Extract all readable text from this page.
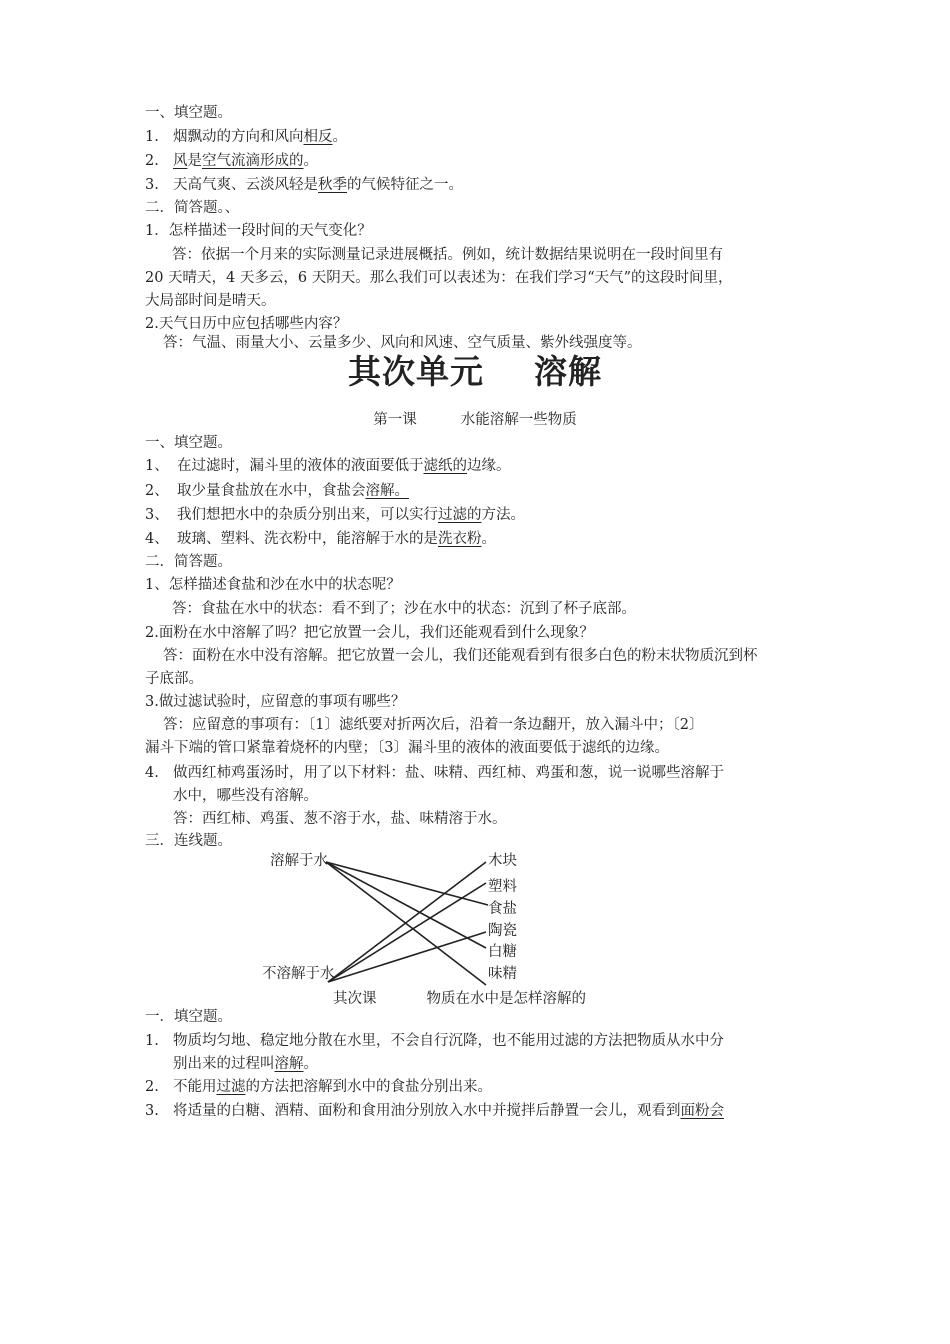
一、填空题。
1. 烟飘动的方向和风向相反。
2. 风是空气流滴形成的。
3. 天高气爽、云淡风轻是秋季的气候特征之一。
二．简答题。、
1．怎样描述一段时间的天气变化？
答：依据一个月来的实际测量记录进展概括。例如，统计数据结果说明在一段时间里有
20 天晴天，4 天多云，6 天阴天。那么我们可以表述为：在我们学习“天气”的这段时间里，
大局部时间是晴天。
2.天气日历中应包括哪些内容？
答：气温、雨量大小、云量多少、风向和风速、空气质量、紫外线强度等。
其次单元 溶解
第一课	水能溶解一些物质
一、填空题。
1、 在过滤时，漏斗里的液体的液面要低于滤纸的边缘。
2、 取少量食盐放在水中，食盐会溶解。
3、 我们想把水中的杂质分别出来，可以实行过滤的方法。
4、 玻璃、塑料、洗衣粉中，能溶解于水的是洗衣粉。
二．简答题。
1、怎样描述食盐和沙在水中的状态呢？
答：食盐在水中的状态：看不到了；沙在水中的状态：沉到了杯子底部。
2.面粉在水中溶解了吗？把它放置一会儿，我们还能观看到什么现象？
答：面粉在水中没有溶解。把它放置一会儿，我们还能观看到有很多白色的粉末状物质沉到杯
子底部。
3.做过滤试验时，应留意的事项有哪些？
答：应留意的事项有：〔1〕滤纸要对折两次后，沿着一条边翻开，放入漏斗中；〔2〕
漏斗下端的管口紧靠着烧杯的内壁；〔3〕漏斗里的液体的液面要低于滤纸的边缘。
4. 做西红柿鸡蛋汤时，用了以下材料：盐、味精、西红柿、鸡蛋和葱，说一说哪些溶解于
水中，哪些没有溶解。
答：西红柿、鸡蛋、葱不溶于水，盐、味精溶于水。
三．连线题。
溶解于水
不溶解于水
木块
塑料
食盐
陶瓷
白糖
味精
其次课	物质在水中是怎样溶解的
一．填空题。
1. 物质均匀地、稳定地分散在水里，不会自行沉降，也不能用过滤的方法把物质从水中分
别出来的过程叫溶解。
2. 不能用过滤的方法把溶解到水中的食盐分别出来。
3. 将适量的白糖、酒精、面粉和食用油分别放入水中并搅拌后静置一会儿，观看到面粉会
